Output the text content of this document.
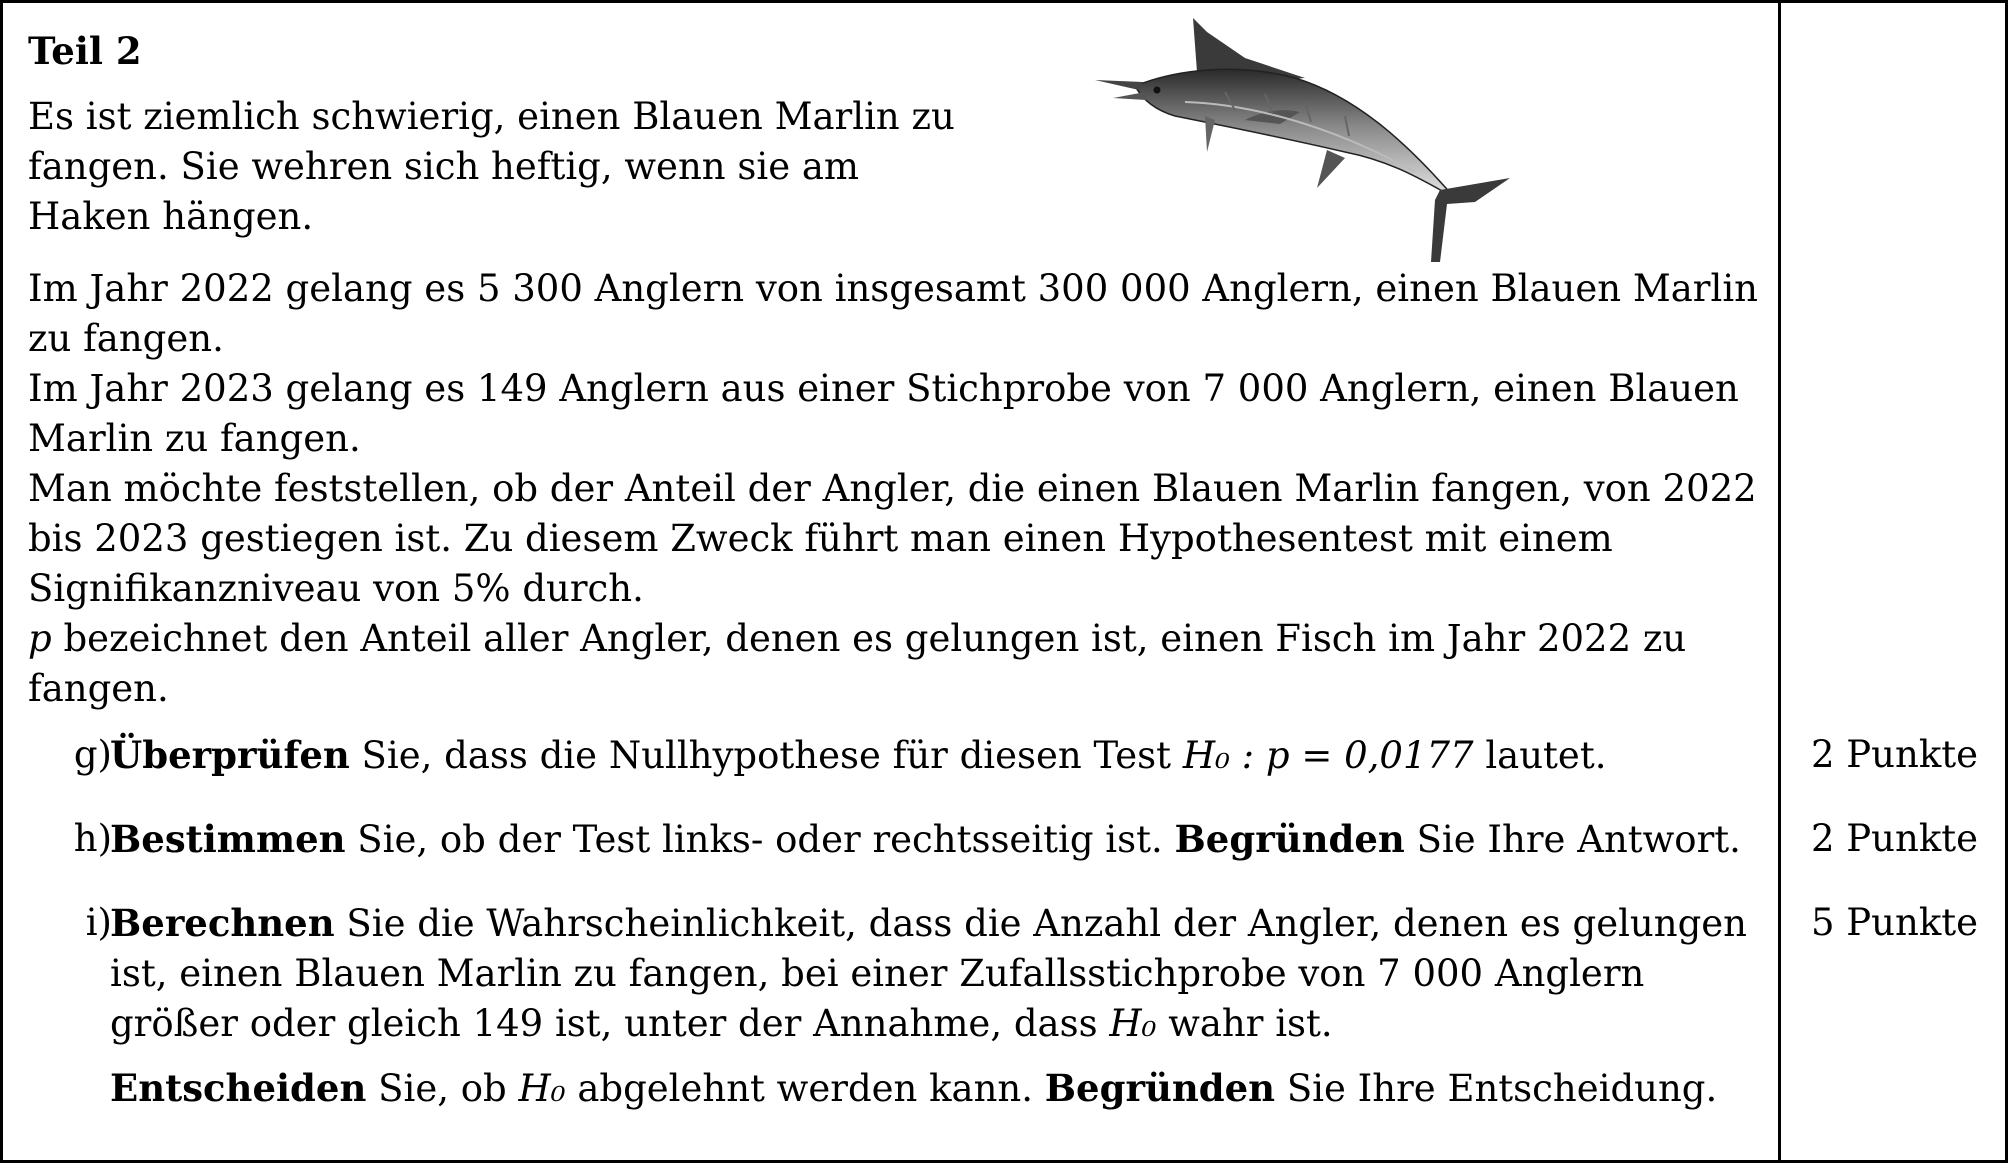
Teil 2

Es ist ziemlich schwierig, einen Blauen Marlin zu fangen. Sie wehren sich heftig, wenn sie am Haken hängen.

Im Jahr 2022 gelang es 5 300 Anglern von insgesamt 300 000 Anglern, einen Blauen Marlin zu fangen.

Im Jahr 2023 gelang es 149 Anglern aus einer Stichprobe von 7 000 Anglern, einen Blauen Marlin zu fangen.

Man möchte feststellen, ob der Anteil der Angler, die einen Blauen Marlin fangen, von 2022 bis 2023 gestiegen ist. Zu diesem Zweck führt man einen Hypothesentest mit einem Signifikanzniveau von 5% durch.

p bezeichnet den Anteil aller Angler, denen es gelungen ist, einen Fisch im Jahr 2022 zu fangen.

g)
Überprüfen Sie, dass die Nullhypothese für diesen Test H₀ : p = 0,0177 lautet.
h)
Bestimmen Sie, ob der Test links- oder rechtsseitig ist. Begründen Sie Ihre Antwort.
i)
Berechnen Sie die Wahrscheinlichkeit, dass die Anzahl der Angler, denen es gelungen ist, einen Blauen Marlin zu fangen, bei einer Zufallsstichprobe von 7 000 Anglern größer oder gleich 149 ist, unter der Annahme, dass H₀ wahr ist.
Entscheiden Sie, ob H₀ abgelehnt werden kann. Begründen Sie Ihre Entscheidung.
2 Punkte
2 Punkte
5 Punkte
